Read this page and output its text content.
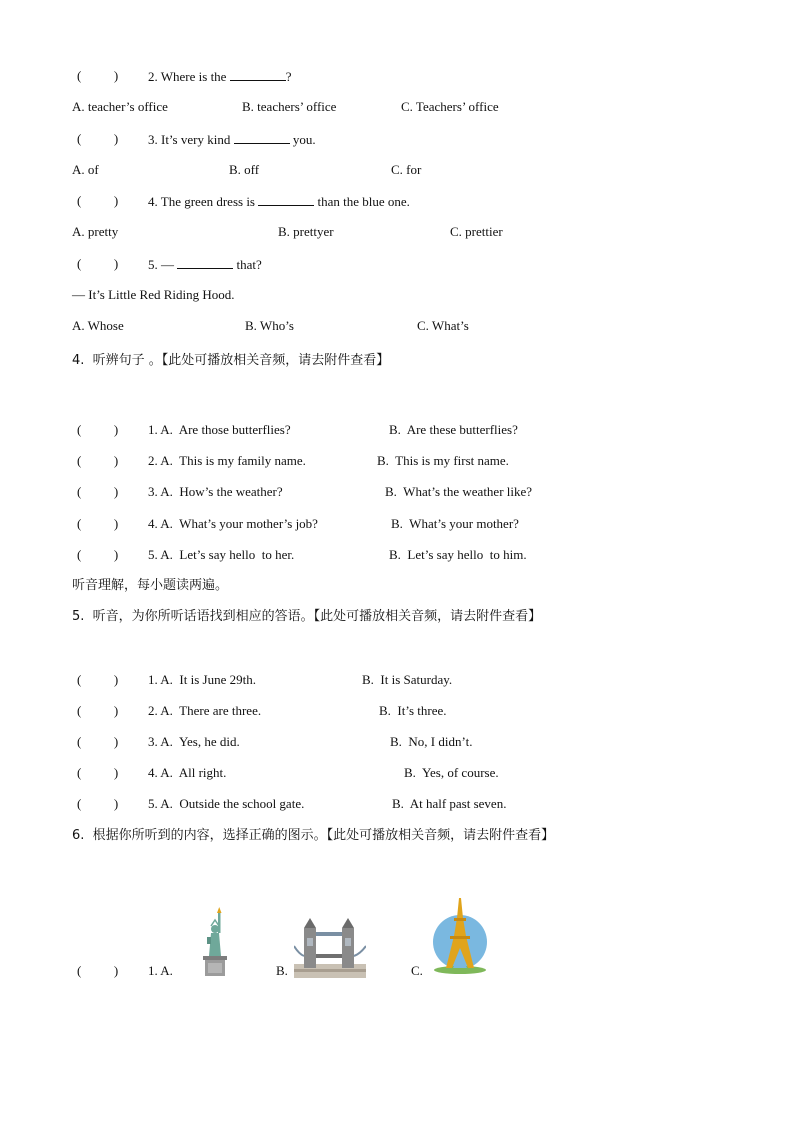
(          ) 2. Where is the	?
A. teacher’s office	B. teachers’ office	C. Teachers’ office
(          ) 3. It’s very kind	you.
A. of	B. off	C. for
(          ) 4. The green dress is	than the blue one.
A. pretty	B. prettyer	C. prettier
(          ) 5. —	that?
— It’s Little Red Riding Hood.
A. Whose	B. Who’s	C. What’s
4.  听辨句子 。【此处可播放相关音频，请去附件查看】
(          ) 1. A.  Are those butterflies?	B.  Are these butterflies?
(          ) 2. A.  This is my family name.	B.  This is my first name.
(          ) 3. A.  How’s the weather?	B.  What’s the weather like?
(          ) 4. A.  What’s your mother’s job?	B.  What’s your mother?
(          ) 5. A.  Let’s say hello  to her.	B.  Let’s say hello  to him.
听音理解，每小题读两遍。
5.  听音，为你所听话语找到相应的答语。【此处可播放相关音频，请去附件查看】
(          ) 1. A.  It is June 29th.	B.  It is Saturday.
(          ) 2. A.  There are three.	B.  It’s three.
(          ) 3. A.  Yes, he did.	B.  No, I didn’t.
(          ) 4. A.  All right.	B.  Yes, of course.
(          ) 5. A.  Outside the school gate.	B.  At half past seven.
6.  根据你所听到的内容，选择正确的图示。【此处可播放相关音频，请去附件查看】
(          ) 1. A.	B.	C.
